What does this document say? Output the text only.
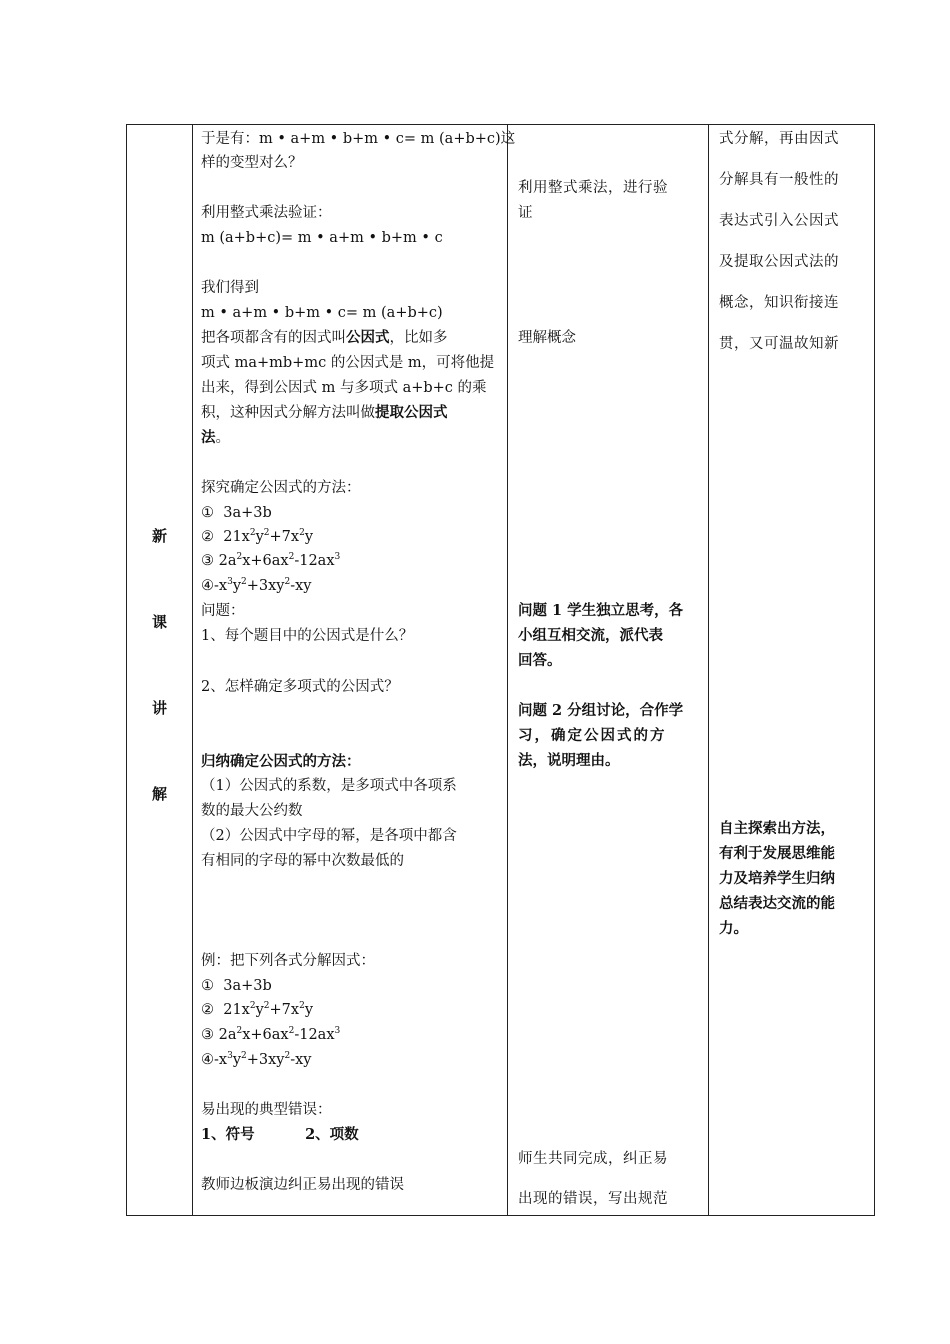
新
课
讲
解

于是有：m • a+m • b+m • c= m (a+b+c)这
样的变型对么？
利用整式乘法验证：
m (a+b+c)= m • a+m • b+m • c
我们得到
m • a+m • b+m • c= m (a+b+c)
把各项都含有的因式叫公因式，比如多
项式 ma+mb+mc 的公因式是 m，可将他提
出来，得到公因式 m 与多项式 a+b+c 的乘
积，这种因式分解方法叫做提取公因式
法。
探究确定公因式的方法：
①  3a+3b
②  $21x^2y^2+7x^2y$
③ $2a^2x+6ax^2-12ax^3$
$④-x^3y^2+3xy^2-xy$
问题：
1、每个题目中的公因式是什么？
2、怎样确定多项式的公因式？
归纳确定公因式的方法：
（1）公因式的系数，是多项式中各项系
数的最大公约数
（2）公因式中字母的幂，是各项中都含
有相同的字母的幂中次数最低的
例：把下列各式分解因式：
①  3a+3b
②  $21x^2y^2+7x^2y$
③ $2a^2x+6ax^2-12ax^3$
$④-x^3y^2+3xy^2-xy$
易出现的典型错误：
1、符号          2、项数
教师边板演边纠正易出现的错误

利用整式乘法，进行验
证
理解概念
问题 1 学生独立思考，各
小组互相交流，派代表
回答。
问题 2 分组讨论，合作学
习，确定公因式的方
法，说明理由。
师生共同完成，纠正易
出现的错误，写出规范

式分解，再由因式
分解具有一般性的
表达式引入公因式
及提取公因式法的
概念，知识衔接连
贯，又可温故知新
自主探索出方法，
有利于发展思维能
力及培养学生归纳
总结表达交流的能
力。
